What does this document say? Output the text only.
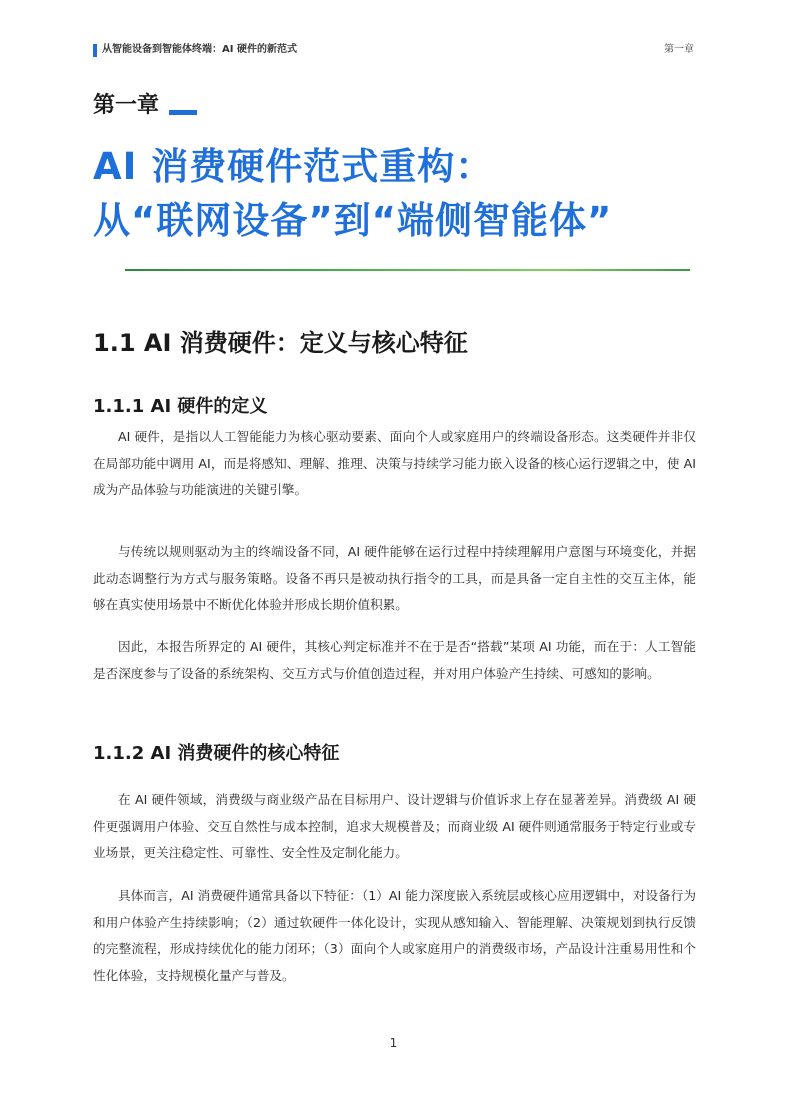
从智能设备到智能体终端：AI 硬件的新范式	第一章
第一章
AI 消费硬件范式重构：
从“联网设备”到“端侧智能体”
1.1 AI 消费硬件：定义与核心特征
1.1.1 AI 硬件的定义

AI 硬件，是指以人工智能能力为核心驱动要素、面向个人或家庭用户的终端设备形态。这类硬件并非仅在局部功能中调用 AI，而是将感知、理解、推理、决策与持续学习能力嵌入设备的核心运行逻辑之中，使 AI 成为产品体验与功能演进的关键引擎。

与传统以规则驱动为主的终端设备不同，AI 硬件能够在运行过程中持续理解用户意图与环境变化，并据此动态调整行为方式与服务策略。设备不再只是被动执行指令的工具，而是具备一定自主性的交互主体，能够在真实使用场景中不断优化体验并形成长期价值积累。

因此，本报告所界定的 AI 硬件，其核心判定标准并不在于是否“搭载”某项 AI 功能，而在于：人工智能是否深度参与了设备的系统架构、交互方式与价值创造过程，并对用户体验产生持续、可感知的影响。

1.1.2 AI 消费硬件的核心特征

在 AI 硬件领域，消费级与商业级产品在目标用户、设计逻辑与价值诉求上存在显著差异。消费级 AI 硬件更强调用户体验、交互自然性与成本控制，追求大规模普及；而商业级 AI 硬件则通常服务于特定行业或专业场景，更关注稳定性、可靠性、安全性及定制化能力。

具体而言，AI 消费硬件通常具备以下特征：（1）AI 能力深度嵌入系统层或核心应用逻辑中，对设备行为和用户体验产生持续影响；（2）通过软硬件一体化设计，实现从感知输入、智能理解、决策规划到执行反馈的完整流程，形成持续优化的能力闭环；（3）面向个人或家庭用户的消费级市场，产品设计注重易用性和个性化体验，支持规模化量产与普及。

1
